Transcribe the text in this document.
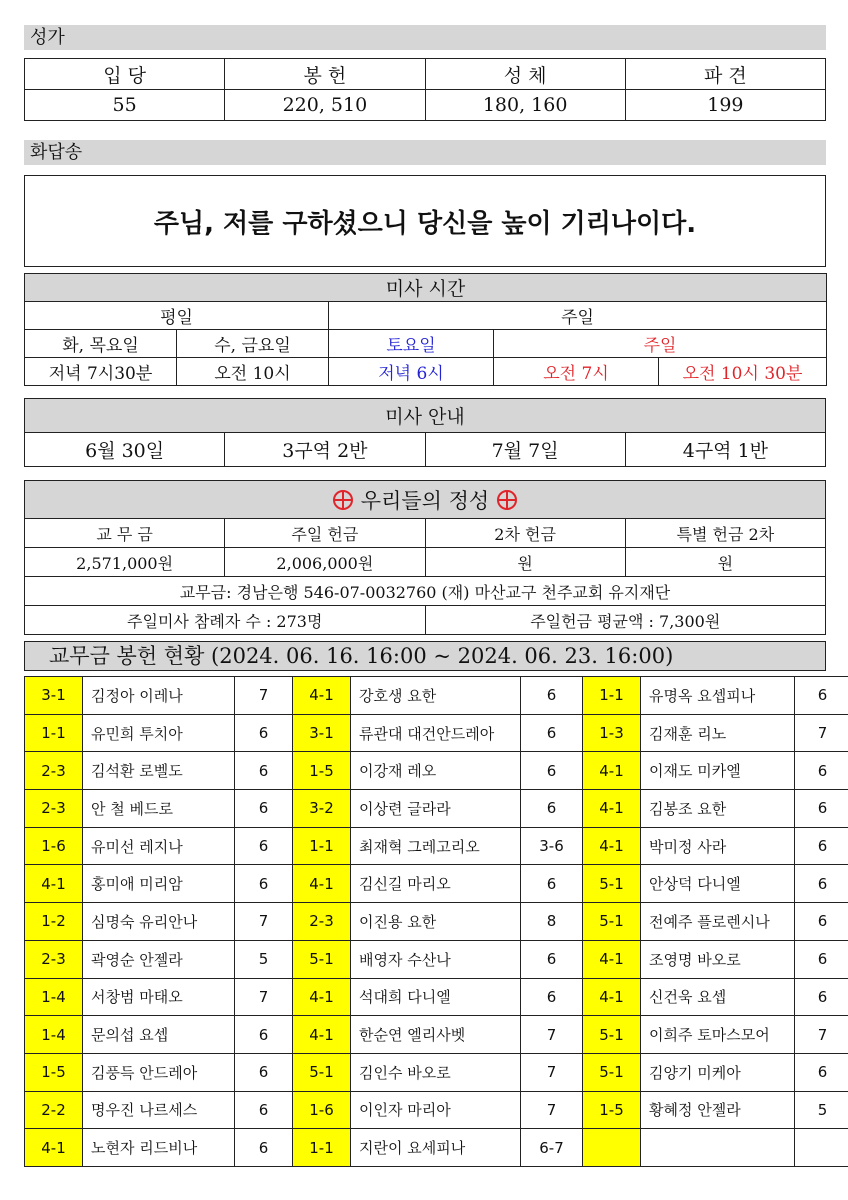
성가
입 당	봉 헌	성 체	파 견
55	220, 510	180, 160	199
화답송
주님, 저를 구하셨으니 당신을 높이 기리나이다.
미사 시간				
평일		주일		
화, 목요일	수, 금요일	토요일	주일	
저녁 7시30분	오전 10시	저녁 6시	오전 7시	오전 10시 30분
미사 안내
6월 30일	3구역 2반	7월 7일	4구역 1반
우리들의 정성			
교 무 금	주일 헌금	2차 헌금	특별 헌금 2차
2,571,000원	2,006,000원	원	원
교무금: 경남은행 546-07-0032760 (재) 마산교구 천주교회 유지재단			
주일미사 참례자 수 : 273명		주일헌금 평균액 : 7,300원	
교무금 봉헌 현황 (2024. 06. 16. 16:00 ~ 2024. 06. 23. 16:00)
3-1	김정아 이레나	7	4-1	강호생 요한	6	1-1	유명옥 요셉피나	6
1-1	유민희 투치아	6	3-1	류관대 대건안드레아	6	1-3	김재훈 리노	7
2-3	김석환 로벨도	6	1-5	이강재 레오	6	4-1	이재도 미카엘	6
2-3	안 철 베드로	6	3-2	이상련 글라라	6	4-1	김봉조 요한	6
1-6	유미선 레지나	6	1-1	최재혁 그레고리오	3-6	4-1	박미정 사라	6
4-1	홍미애 미리암	6	4-1	김신길 마리오	6	5-1	안상덕 다니엘	6
1-2	심명숙 유리안나	7	2-3	이진용 요한	8	5-1	전예주 플로렌시나	6
2-3	곽영순 안젤라	5	5-1	배영자 수산나	6	4-1	조영명 바오로	6
1-4	서창범 마태오	7	4-1	석대희 다니엘	6	4-1	신건욱 요셉	6
1-4	문의섭 요셉	6	4-1	한순연 엘리사벳	7	5-1	이희주 토마스모어	7
1-5	김풍득 안드레아	6	5-1	김인수 바오로	7	5-1	김양기 미케아	6
2-2	명우진 나르세스	6	1-6	이인자 마리아	7	1-5	황혜정 안젤라	5
4-1	노현자 리드비나	6	1-1	지란이 요세피나	6-7			
